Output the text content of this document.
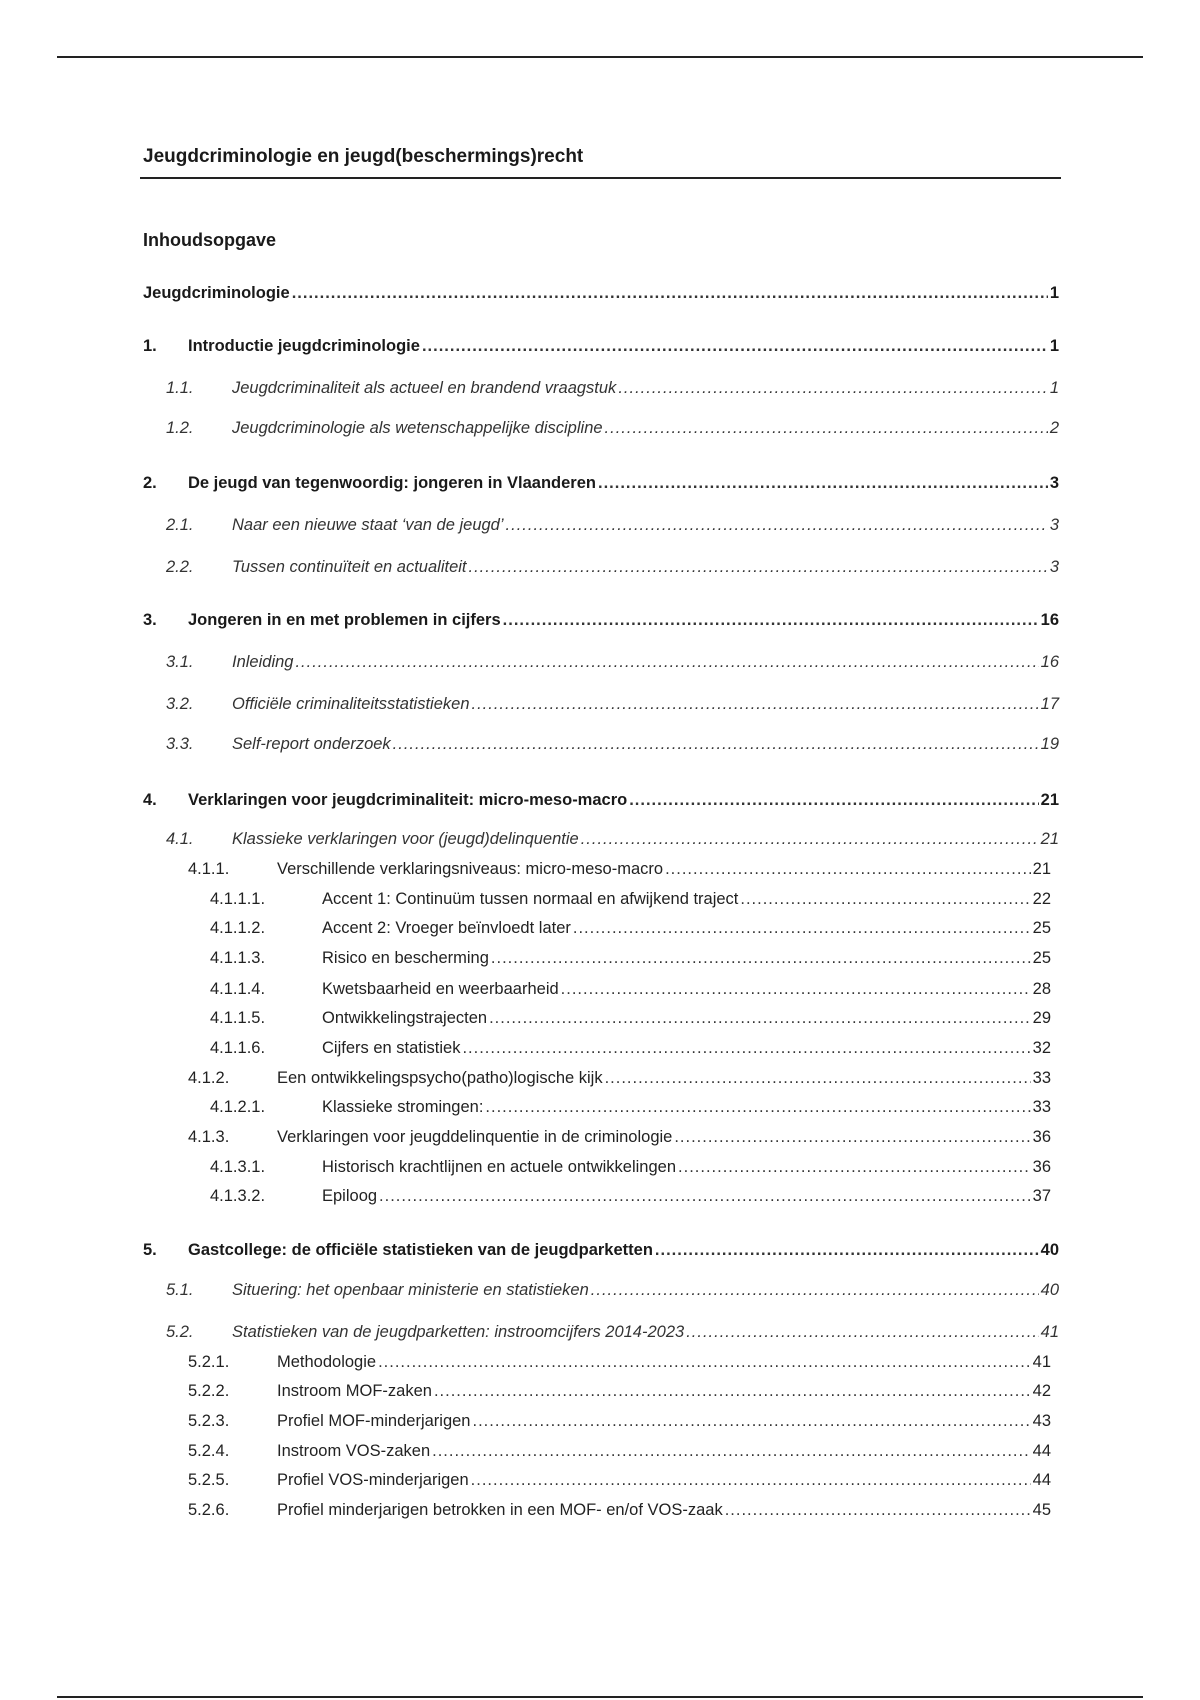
Jeugdcriminologie en jeugd(beschermings)recht
Inhoudsopgave
Jeugdcriminologie .....	1
1.	Introductie jeugdcriminologie .....	1
1.1.	Jeugdcriminaliteit als actueel en brandend vraagstuk .....	1
1.2.	Jeugdcriminologie als wetenschappelijke discipline .....	2
2.	De jeugd van tegenwoordig: jongeren in Vlaanderen .....	3
2.1.	Naar een nieuwe staat ‘van de jeugd’ .....	3
2.2.	Tussen continuïteit en actualiteit .....	3
3.	Jongeren in en met problemen in cijfers .....	16
3.1.	Inleiding .....	16
3.2.	Officiële criminaliteitsstatistieken .....	17
3.3.	Self-report onderzoek .....	19
4.	Verklaringen voor jeugdcriminaliteit: micro-meso-macro .....	21
4.1.	Klassieke verklaringen voor (jeugd)delinquentie .....	21
4.1.1.	Verschillende verklaringsniveaus: micro-meso-macro .....	21
4.1.1.1.	Accent 1: Continuüm tussen normaal en afwijkend traject .....	22
4.1.1.2.	Accent 2: Vroeger beïnvloedt later .....	25
4.1.1.3.	Risico en bescherming .....	25
4.1.1.4.	Kwetsbaarheid en weerbaarheid .....	28
4.1.1.5.	Ontwikkelingstrajecten .....	29
4.1.1.6.	Cijfers en statistiek .....	32
4.1.2.	Een ontwikkelingspsycho(patho)logische kijk .....	33
4.1.2.1.	Klassieke stromingen: .....	33
4.1.3.	Verklaringen voor jeugddelinquentie in de criminologie .....	36
4.1.3.1.	Historisch krachtlijnen en actuele ontwikkelingen .....	36
4.1.3.2.	Epiloog .....	37
5.	Gastcollege: de officiële statistieken van de jeugdparketten .....	40
5.1.	Situering: het openbaar ministerie en statistieken .....	40
5.2.	Statistieken van de jeugdparketten: instroomcijfers 2014-2023 .....	41
5.2.1.	Methodologie .....	41
5.2.2.	Instroom MOF-zaken .....	42
5.2.3.	Profiel MOF-minderjarigen .....	43
5.2.4.	Instroom VOS-zaken .....	44
5.2.5.	Profiel VOS-minderjarigen .....	44
5.2.6.	Profiel minderjarigen betrokken in een MOF- en/of VOS-zaak .....	45
